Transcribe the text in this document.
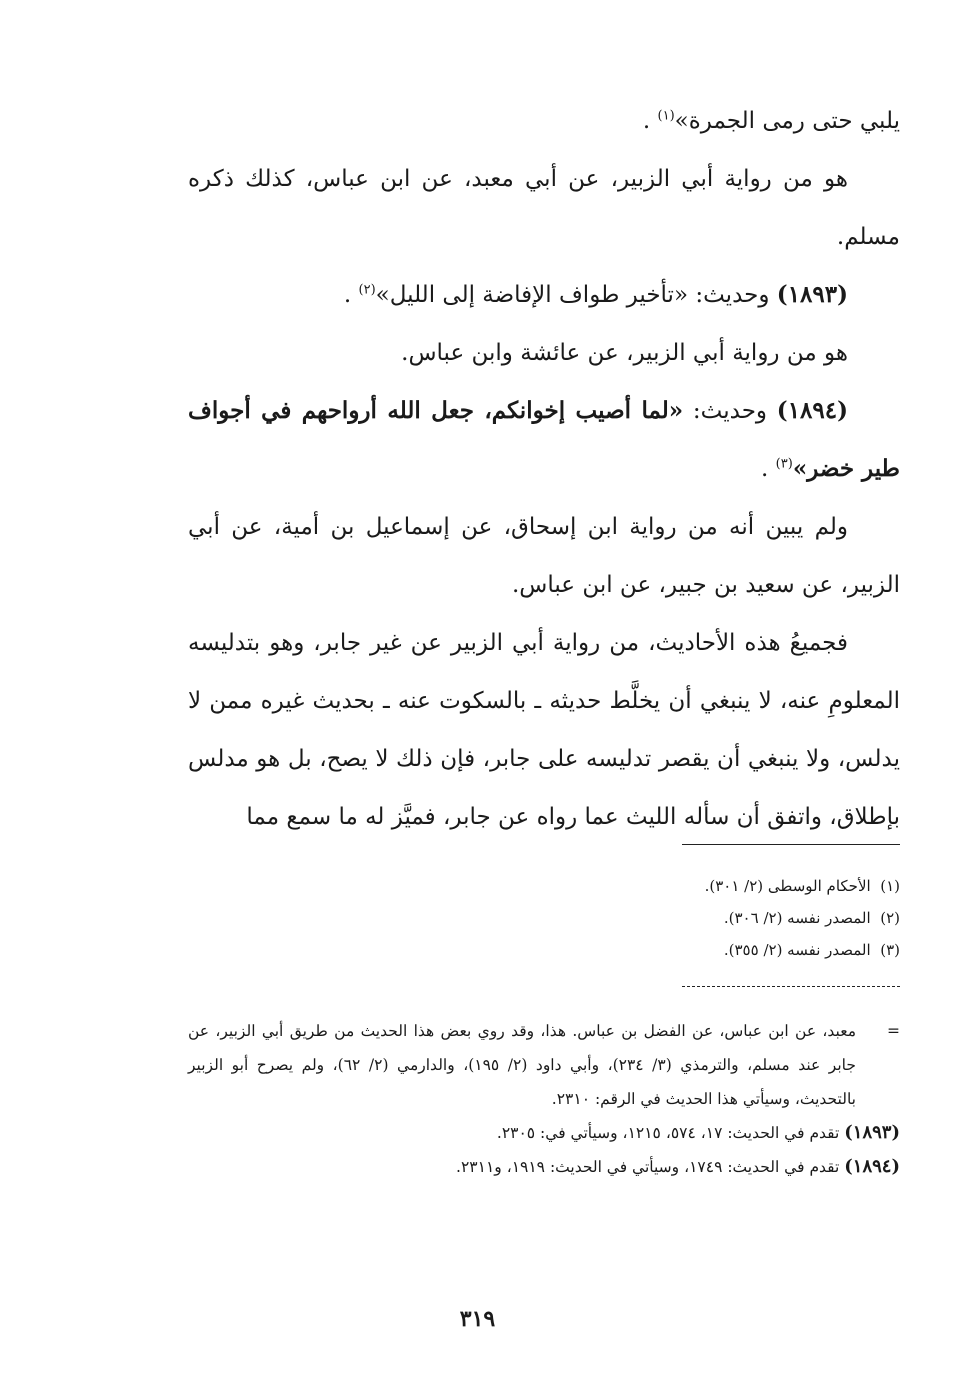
يلبي حتى رمى الجمرة»$^{(١)}$ .

هو من رواية أبي الزبير، عن أبي معبد، عن ابن عباس، كذلك ذكره مسلم.

(١٨٩٣) وحديث: «تأخير طواف الإفاضة إلى الليل»$^{(٢)}$ .

هو من رواية أبي الزبير، عن عائشة وابن عباس.

(١٨٩٤) وحديث: «لما أصيب إخوانكم، جعل الله أرواحهم في أجواف طير خضر»$^{(٣)}$ .

ولم يبين أنه من رواية ابن إسحاق، عن إسماعيل بن أمية، عن أبي الزبير، عن سعيد بن جبير، عن ابن عباس.

فجميعُ هذه الأحاديث، من رواية أبي الزبير عن غير جابر، وهو بتدليسه المعلومِ عنه، لا ينبغي أن يخلَّط حديثه ـ بالسكوت عنه ـ بحديث غيره ممن لا يدلس، ولا ينبغي أن يقصر تدليسه على جابر، فإن ذلك لا يصح، بل هو مدلس بإطلاق، واتفق أن سأله الليث عما رواه عن جابر، فميَّز له ما سمع مما

(١)  الأحكام الوسطى (٢/ ٣٠١).
(٢)  المصدر نفسه (٢/ ٣٠٦).
(٣)  المصدر نفسه (٢/ ٣٥٥).
=
معبد، عن ابن عباس، عن الفضل بن عباس. هذا، وقد روي بعض هذا الحديث من طريق أبي الزبير، عن جابر عند مسلم، والترمذي (٣/ ٢٣٤)، وأبي داود (٢/ ١٩٥)، والدارمي (٢/ ٦٢)، ولم يصرح أبو الزبير بالتحديث، وسيأتي هذا الحديث في الرقم: ٢٣١٠.
(١٨٩٣) تقدم في الحديث: ١٧، ٥٧٤، ١٢١٥، وسيأتي في: ٢٣٠٥.
(١٨٩٤) تقدم في الحديث: ١٧٤٩، وسيأتي في الحديث: ١٩١٩، و٢٣١١.
٣١٩
